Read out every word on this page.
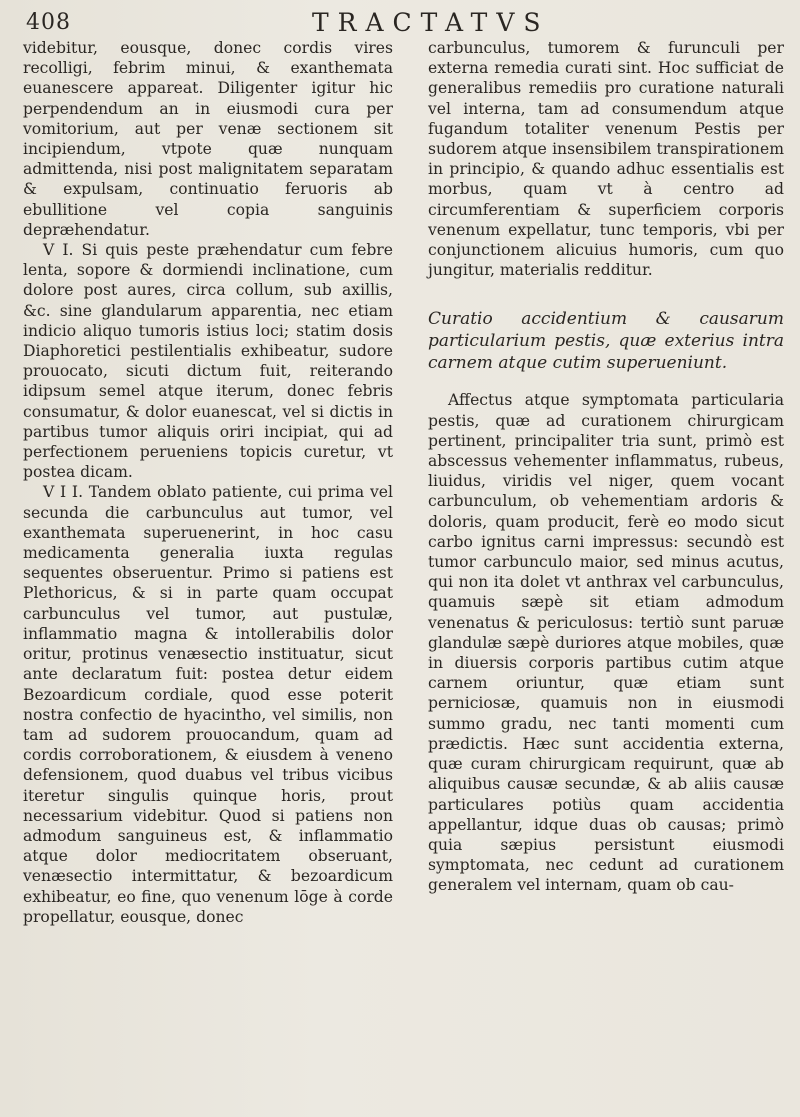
408	TRACTATVS

videbitur, eousque, donec cordis vires recolligi, febrim minui, & exanthemata euanescere appareat. Diligenter igitur hic perpendendum an in eiusmodi cura per vomitorium, aut per venæ sectionem sit incipiendum, vtpote quæ nunquam admittenda, nisi post malignitatem separatam & expulsam, continuatio feruoris ab ebullitione vel copia sanguinis depræhendatur.

V I. Si quis peste præhendatur cum febre lenta, sopore & dormiendi inclinatione, cum dolore post aures, circa collum, sub axillis, &c. sine glandularum apparentia, nec etiam indicio aliquo tumoris istius loci; statim dosis Diaphoretici pestilentialis exhibeatur, sudore prouocato, sicuti dictum fuit, reiterando idipsum semel atque iterum, donec febris consumatur, & dolor euanescat, vel si dictis in partibus tumor aliquis oriri incipiat, qui ad perfectionem perueniens topicis curetur, vt postea dicam.

V I I. Tandem oblato patiente, cui prima vel secunda die carbunculus aut tumor, vel exanthemata superuenerint, in hoc casu medicamenta generalia iuxta regulas sequentes obseruentur. Primo si patiens est Plethoricus, & si in parte quam occupat carbunculus vel tumor, aut pustulæ, inflammatio magna & intollerabilis dolor oritur, protinus venæsectio instituatur, sicut ante declaratum fuit: postea detur eidem Bezoardicum cordiale, quod esse poterit nostra confectio de hyacintho, vel similis, non tam ad sudorem prouocandum, quam ad cordis corroborationem, & eiusdem à veneno defensionem, quod duabus vel tribus vicibus iteretur singulis quinque horis, prout necessarium videbitur. Quod si patiens non admodum sanguineus est, & inflammatio atque dolor mediocritatem obseruant, venæsectio intermittatur, & bezoardicum exhibeatur, eo fine, quo venenum lōge à corde propellatur, eousque, donec

carbunculus, tumorem & furunculi per externa remedia curati sint. Hoc sufficiat de generalibus remediis pro curatione naturali vel interna, tam ad consumendum atque fugandum totaliter venenum Pestis per sudorem atque insensibilem transpirationem in principio, & quando adhuc essentialis est morbus, quam vt à centro ad circumferentiam & superficiem corporis venenum expellatur, tunc temporis, vbi per conjunctionem alicuius humoris, cum quo jungitur, materialis redditur.

Curatio accidentium & causarum particularium pestis, quæ exterius intra carnem atque cutim superueniunt.

Affectus atque symptomata particularia pestis, quæ ad curationem chirurgicam pertinent, principaliter tria sunt, primò est abscessus vehementer inflammatus, rubeus, liuidus, viridis vel niger, quem vocant carbunculum, ob vehementiam ardoris & doloris, quam producit, ferè eo modo sicut carbo ignitus carni impressus: secundò est tumor carbunculo maior, sed minus acutus, qui non ita dolet vt anthrax vel carbunculus, quamuis sæpè sit etiam admodum venenatus & periculosus: tertiò sunt paruæ glandulæ sæpè duriores atque mobiles, quæ in diuersis corporis partibus cutim atque carnem oriuntur, quæ etiam sunt perniciosæ, quamuis non in eiusmodi summo gradu, nec tanti momenti cum prædictis. Hæc sunt accidentia externa, quæ curam chirurgicam requirunt, quæ ab aliquibus causæ secundæ, & ab aliis causæ particulares potiùs quam accidentia appellantur, idque duas ob causas; primò quia sæpius persistunt eiusmodi symptomata, nec cedunt ad curationem generalem vel internam, quam ob cau-
